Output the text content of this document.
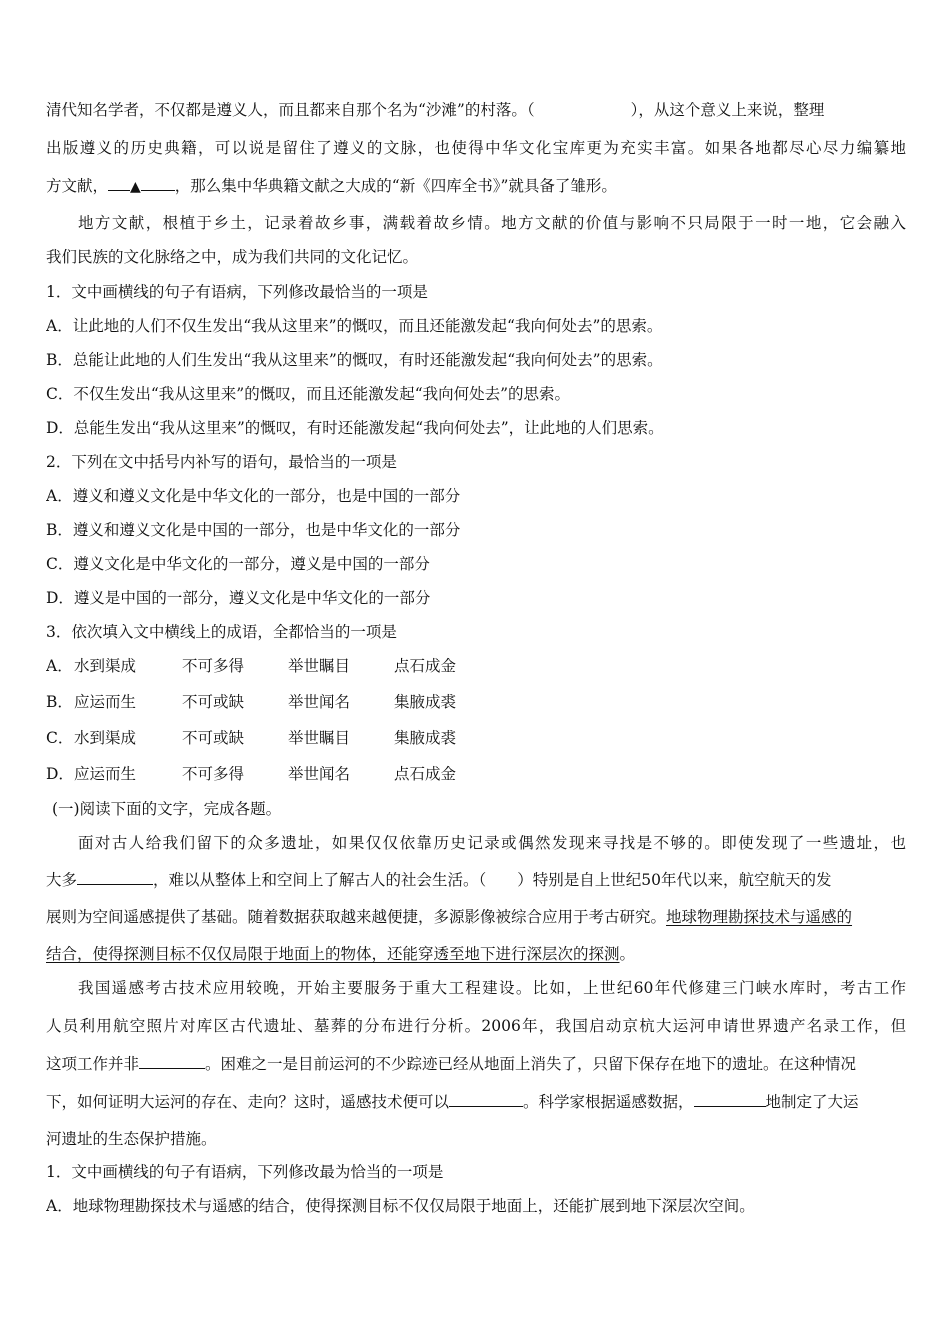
清代知名学者，不仅都是遵义人，而且都来自那个名为“沙滩”的村落。（	），从这个意义上来说，整理
出版遵义的历史典籍，可以说是留住了遵义的文脉，也使得中华文化宝库更为充实丰富。如果各地都尽心尽力编纂地
方文献， ▲ ，那么集中华典籍文献之大成的“新《四库全书》”就具备了雏形。
地方文献，根植于乡土，记录着故乡事，满载着故乡情。地方文献的价值与影响不只局限于一时一地，它会融入
我们民族的文化脉络之中，成为我们共同的文化记忆。
1．文中画横线的句子有语病，下列修改最恰当的一项是
A．让此地的人们不仅生发出“我从这里来”的慨叹，而且还能激发起“我向何处去”的思索。
B．总能让此地的人们生发出“我从这里来”的慨叹，有时还能激发起“我向何处去”的思索。
C．不仅生发出“我从这里来”的慨叹，而且还能激发起“我向何处去”的思索。
D．总能生发出“我从这里来”的慨叹，有时还能激发起“我向何处去”，让此地的人们思索。
2．下列在文中括号内补写的语句，最恰当的一项是
A．遵义和遵义文化是中华文化的一部分，也是中国的一部分
B．遵义和遵义文化是中国的一部分，也是中华文化的一部分
C．遵义文化是中华文化的一部分，遵义是中国的一部分
D．遵义是中国的一部分，遵义文化是中华文化的一部分
3．依次填入文中横线上的成语，全都恰当的一项是
A．水到渠成	不可多得	举世瞩目	点石成金
B．应运而生	不可或缺	举世闻名	集腋成裘
C．水到渠成	不可或缺	举世瞩目	集腋成裘
D．应运而生	不可多得	举世闻名	点石成金
(一)阅读下面的文字，完成各题。
面对古人给我们留下的众多遗址，如果仅仅依靠历史记录或偶然发现来寻找是不够的。即使发现了一些遗址，也
大多	，难以从整体上和空间上了解古人的社会生活。（　　）特别是自上世纪50年代以来，航空航天的发
展则为空间遥感提供了基础。随着数据获取越来越便捷，多源影像被综合应用于考古研究。地球物理勘探技术与遥感的
结合，使得探测目标不仅仅局限于地面上的物体，还能穿透至地下进行深层次的探测。
我国遥感考古技术应用较晚，开始主要服务于重大工程建设。比如，上世纪60年代修建三门峡水库时，考古工作
人员利用航空照片对库区古代遗址、墓葬的分布进行分析。2006年，我国启动京杭大运河申请世界遗产名录工作，但
这项工作并非	。困难之一是目前运河的不少踪迹已经从地面上消失了，只留下保存在地下的遗址。在这种情况
下，如何证明大运河的存在、走向？这时，遥感技术便可以	。科学家根据遥感数据，	地制定了大运
河遗址的生态保护措施。
1．文中画横线的句子有语病，下列修改最为恰当的一项是
A．地球物理勘探技术与遥感的结合，使得探测目标不仅仅局限于地面上，还能扩展到地下深层次空间。
